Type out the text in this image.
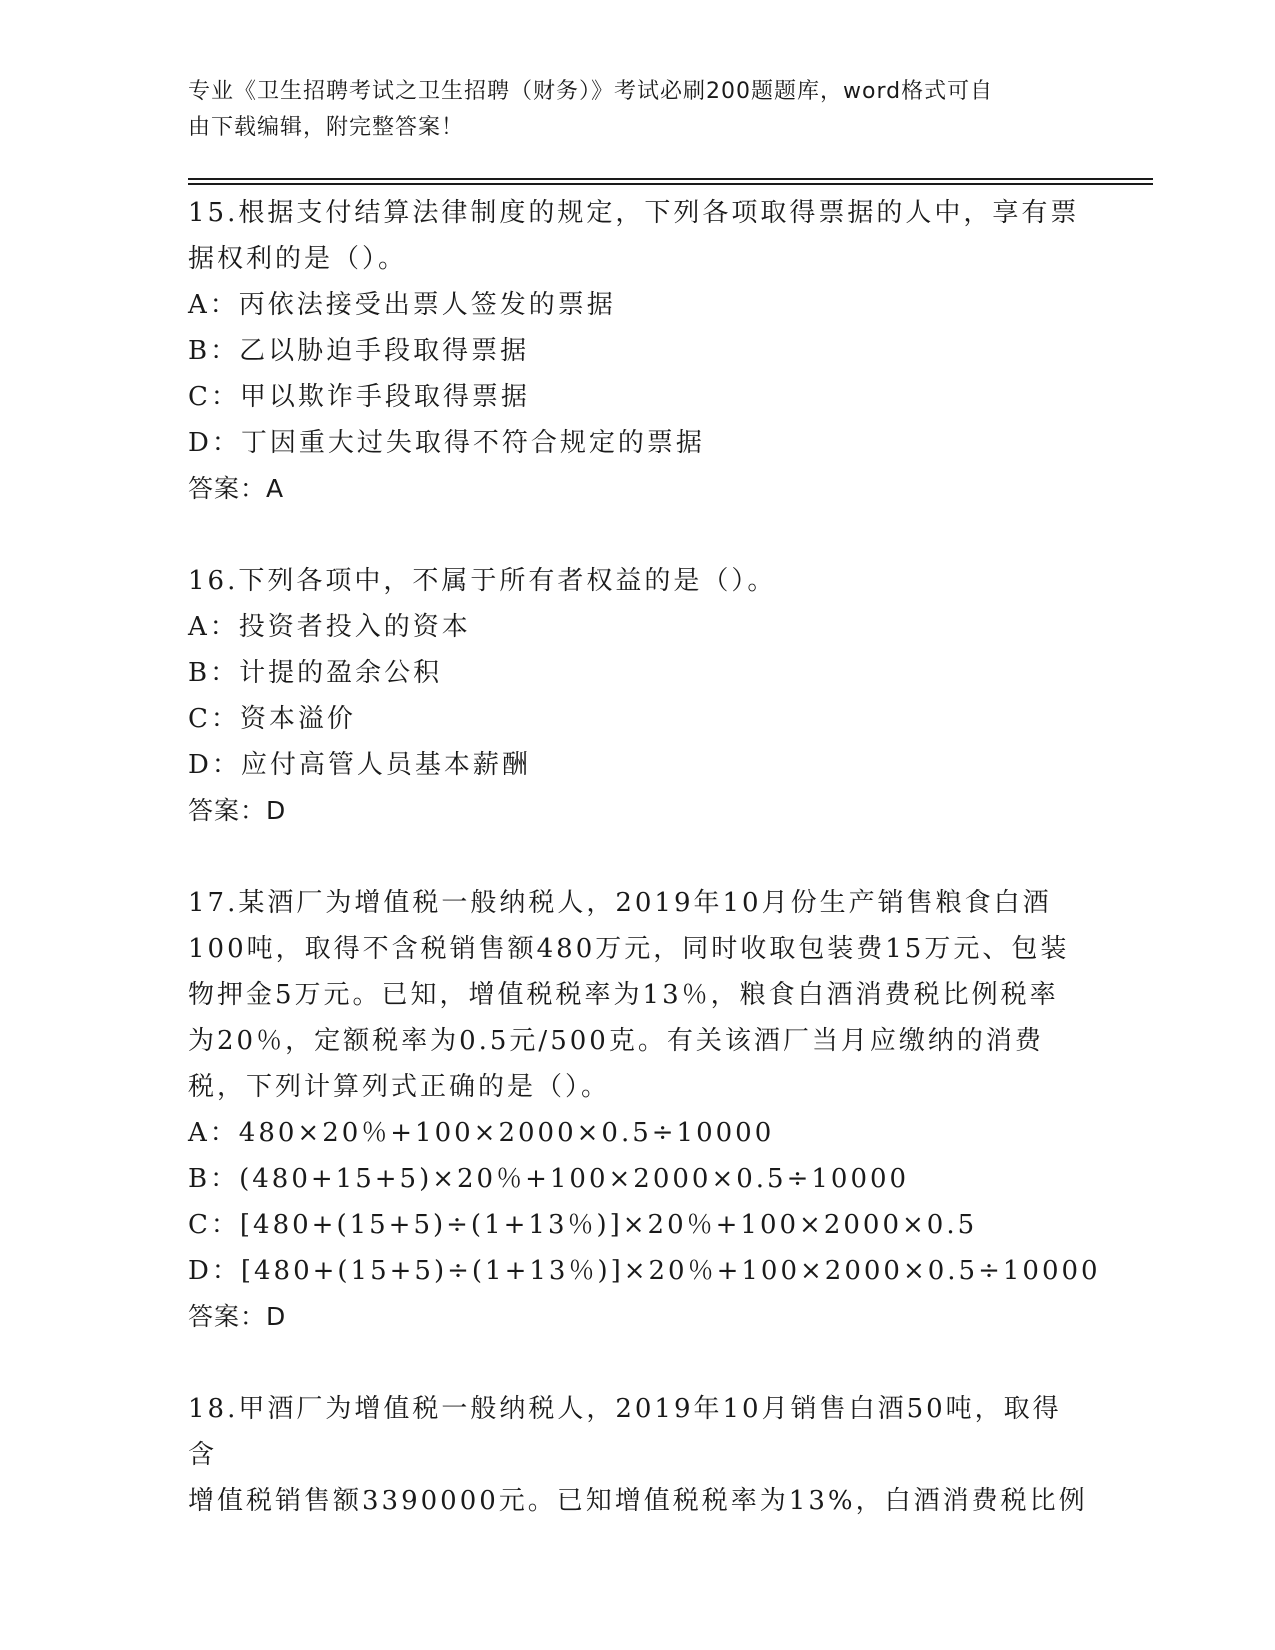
专业《卫生招聘考试之卫生招聘（财务）》考试必刷200题题库，word格式可自
由下载编辑，附完整答案！

15.根据支付结算法律制度的规定，下列各项取得票据的人中，享有票

据权利的是（）。

A：丙依法接受出票人签发的票据

B：乙以胁迫手段取得票据

C：甲以欺诈手段取得票据

D：丁因重大过失取得不符合规定的票据

答案：A

16.下列各项中，不属于所有者权益的是（）。

A：投资者投入的资本

B：计提的盈余公积

C：资本溢价

D：应付高管人员基本薪酬

答案：D

17.某酒厂为增值税一般纳税人，2019年10月份生产销售粮食白酒

100吨，取得不含税销售额480万元，同时收取包装费15万元、包装

物押金5万元。已知，增值税税率为13％，粮食白酒消费税比例税率

为20％，定额税率为0.5元/500克。有关该酒厂当月应缴纳的消费

税，下列计算列式正确的是（）。

A：480×20％+100×2000×0.5÷10000

B：(480+15+5)×20％+100×2000×0.5÷10000

C：[480+(15+5)÷(1+13％)]×20％+100×2000×0.5

D：[480+(15+5)÷(1+13％)]×20％+100×2000×0.5÷10000

答案：D

18.甲酒厂为增值税一般纳税人，2019年10月销售白酒50吨，取得含

增值税销售额3390000元。已知增值税税率为13%，白酒消费税比例
